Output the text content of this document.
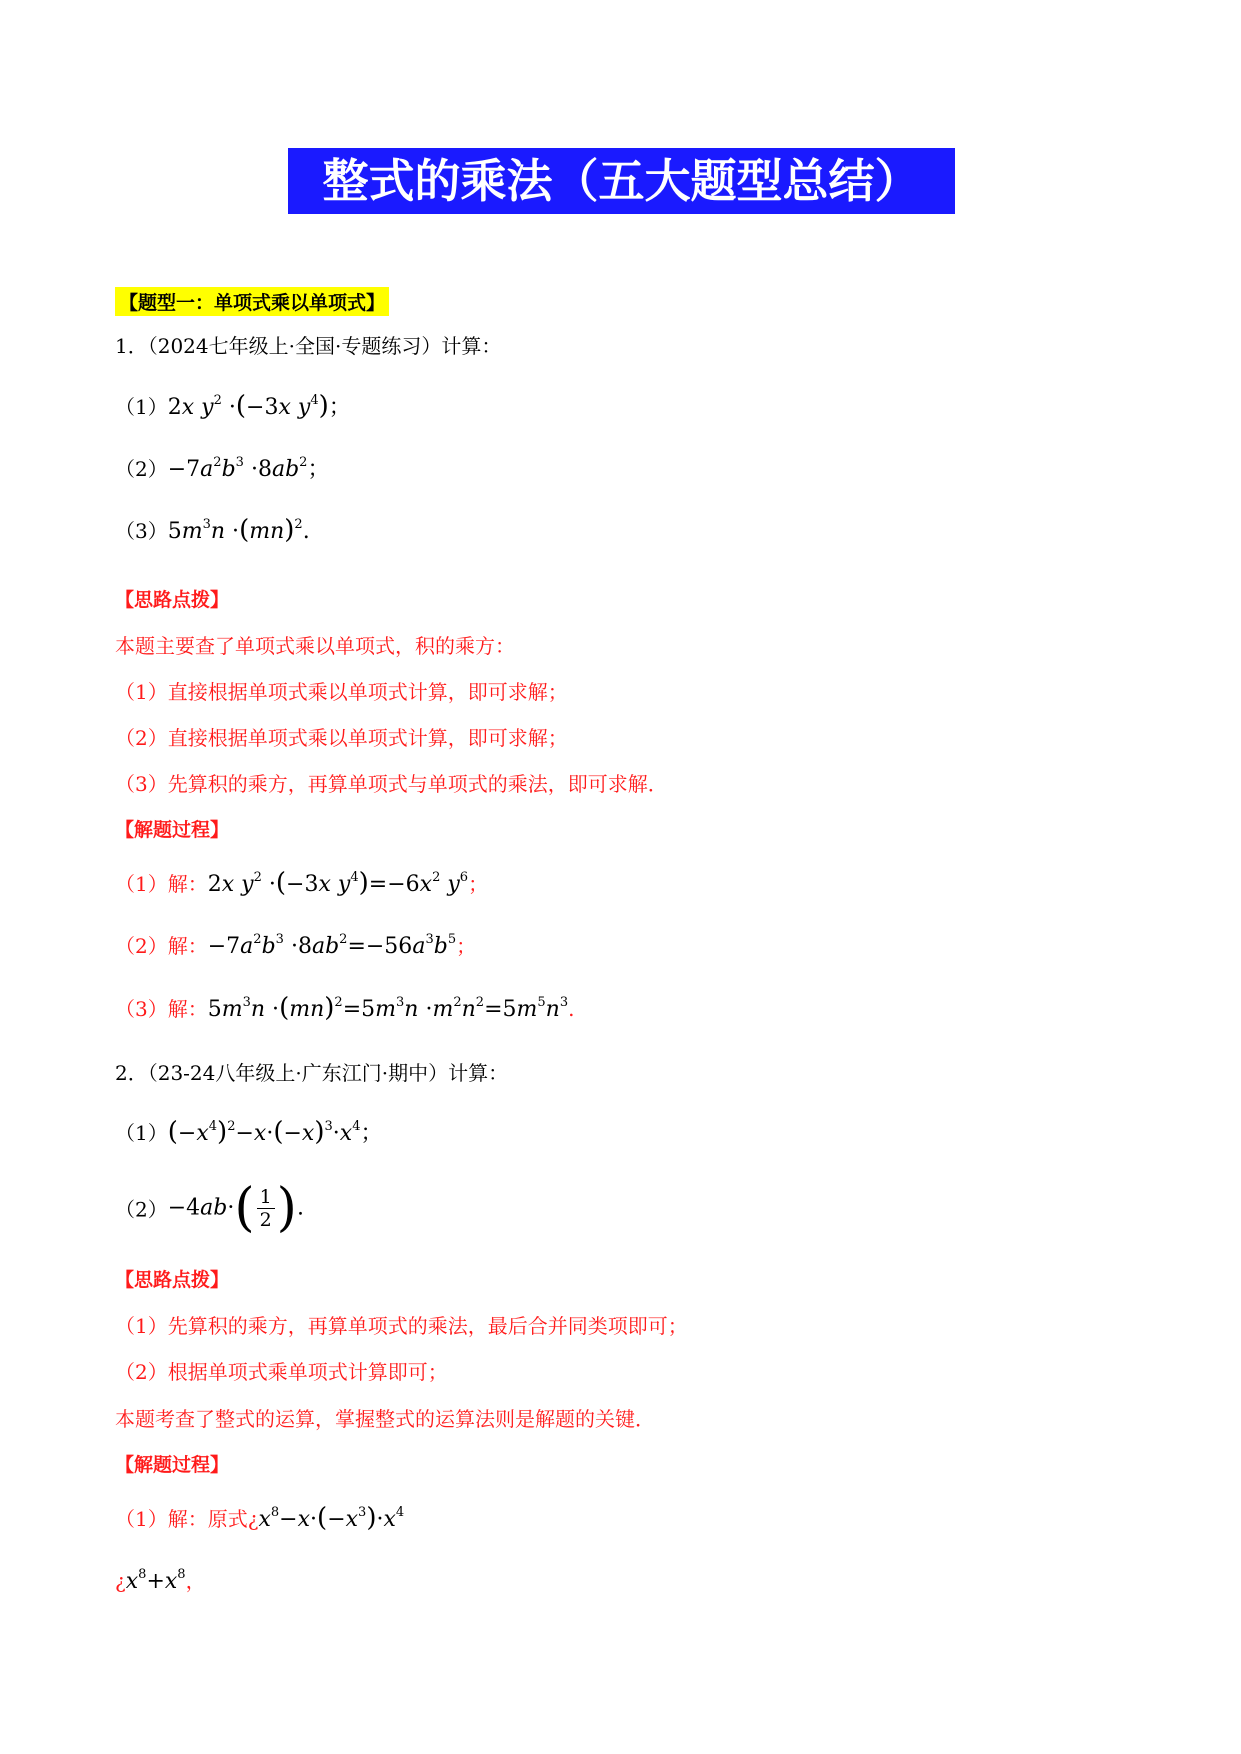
整式的乘法（五大题型总结）
【题型一：单项式乘以单项式】
1．（2024七年级上·全国·专题练习）计算：
（1）2x $y^2 \cdot(-3x$ $y^4$)；
$(2)-7a^2b^3 \cdot 8ab^2$；
$(3)5m^3n \cdot(mn)^2$.
【思路点拨】
本题主要查了单项式乘以单项式，积的乘方：
（1）直接根据单项式乘以单项式计算，即可求解；
（2）直接根据单项式乘以单项式计算，即可求解；
（3）先算积的乘方，再算单项式与单项式的乘法，即可求解．
【解题过程】
（1）解：2x $y^2 \cdot(-3x$ $y^4)=-6x^2$ $y^6$；
（2）解：$-7a^2b^3 \cdot 8ab^2=-56a^3b^5$；
（3）解：$5m^3n \cdot(mn)^2=5m^3n \cdot m^2n^2=5m^5n^3$.
2．（23-24八年级上·广东江门·期中）计算：
$(1)(-x^4)^2-x\cdot(-x)^3\cdot x^4$；
$(2)-4ab\cdot( \frac{1}{2}$ ).
【思路点拨】
（1）先算积的乘方，再算单项式的乘法，最后合并同类项即可；
（2）根据单项式乘单项式计算即可；
本题考查了整式的运算，掌握整式的运算法则是解题的关键．
【解题过程】
（1）解：原式¿$x^8-x\cdot(-x^3)\cdot x^4$
¿$x^8+x^8$，
